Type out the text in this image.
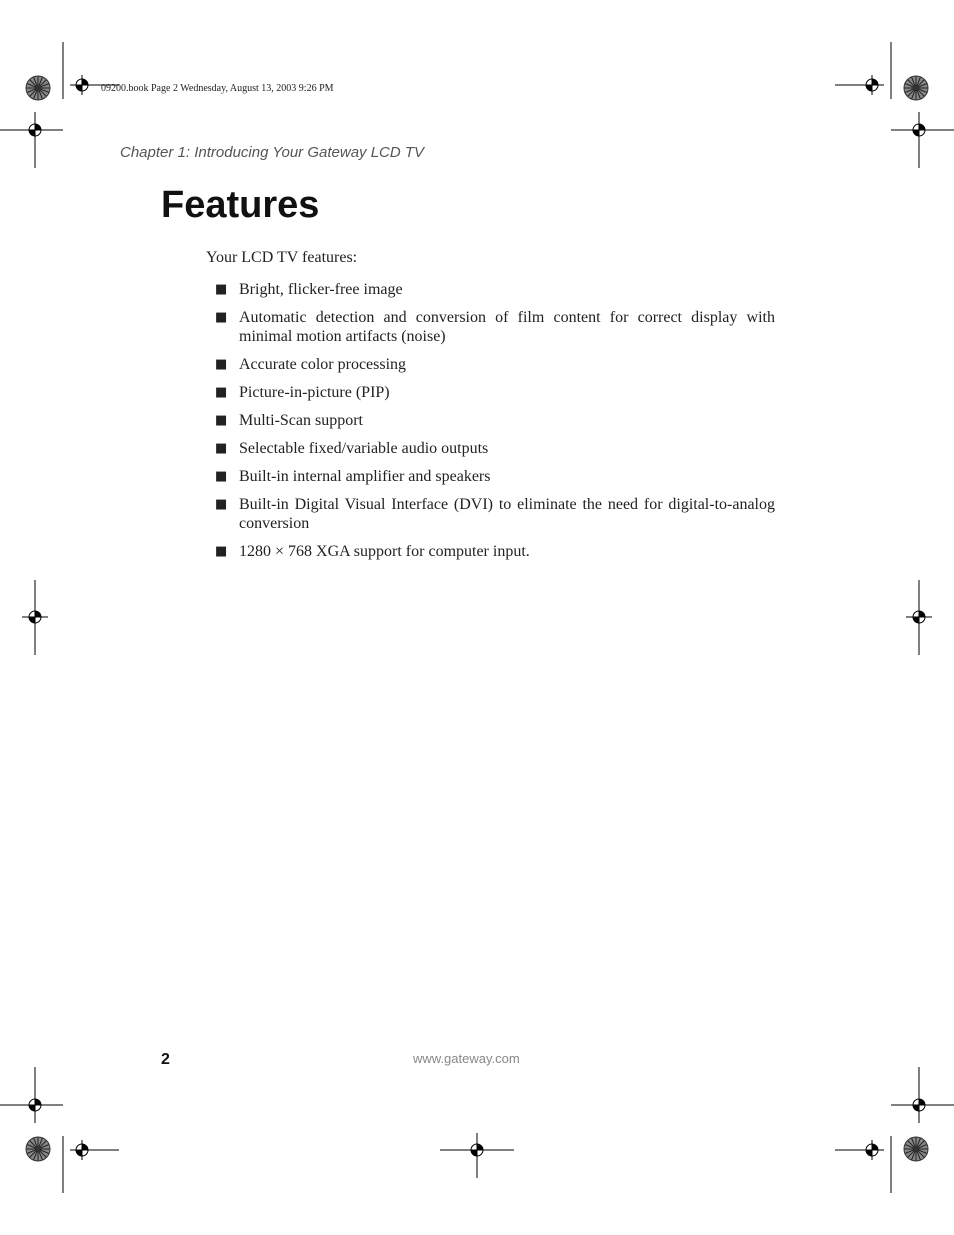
09200.book Page 2 Wednesday, August 13, 2003 9:26 PM
Chapter 1: Introducing Your Gateway LCD TV
Features
Your LCD TV features:
■ Bright, flicker-free image
■ Automatic detection and conversion of film content for correct display with minimal motion artifacts (noise)
■ Accurate color processing
■ Picture-in-picture (PIP)
■ Multi-Scan support
■ Selectable fixed/variable audio outputs
■ Built-in internal amplifier and speakers
■ Built-in Digital Visual Interface (DVI) to eliminate the need for digital-to-analog conversion
■ 1280 × 768 XGA support for computer input.
2	www.gateway.com
